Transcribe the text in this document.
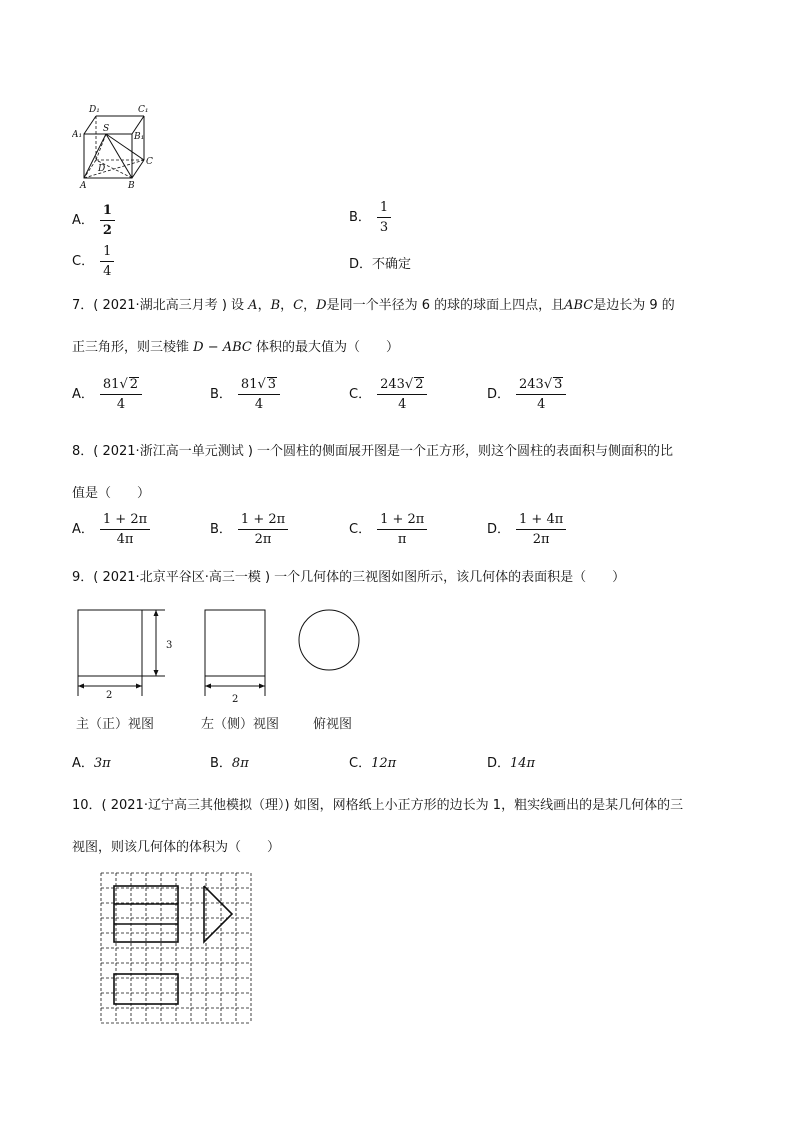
D₁	C₁
A₁
S
B₁
D
C
A	B
A． $\frac{1}{2}$	B． $\frac{1}{3}$
C． $\frac{1}{4}$	D．不确定
7．( 2021·湖北高三月考 ) 设 A，B，C，D是同一个半径为 6 的球的球面上四点，且ABC是边长为 9 的
正三角形，则三棱锥 D − ABC 体积的最大值为（　　）
A． $\frac{81√ 2}{4}$	B． $\frac{81√ 3}{4}$	C． $\frac{243√ 2}{4}$	D． $\frac{243√ 3}{4}$
8．( 2021·浙江高一单元测试 ) 一个圆柱的侧面展开图是一个正方形，则这个圆柱的表面积与侧面积的比
值是（　　）
A． $\frac{1 + 2\pi}{4\pi}$	B． $\frac{1 + 2\pi}{2\pi}$	C． $\frac{1 + 2\pi}{\pi}$	D． $\frac{1 + 4\pi}{2\pi}$
9．( 2021·北京平谷区·高三一模 ) 一个几何体的三视图如图所示，该几何体的表面积是（　　）
3
2	2
主（正）视图	左（侧）视图	俯视图
A．3π	B．8π	C．12π	D．14π
10．( 2021·辽宁高三其他模拟（理）) 如图，网格纸上小正方形的边长为 1，粗实线画出的是某几何体的三
视图，则该几何体的体积为（　　）
